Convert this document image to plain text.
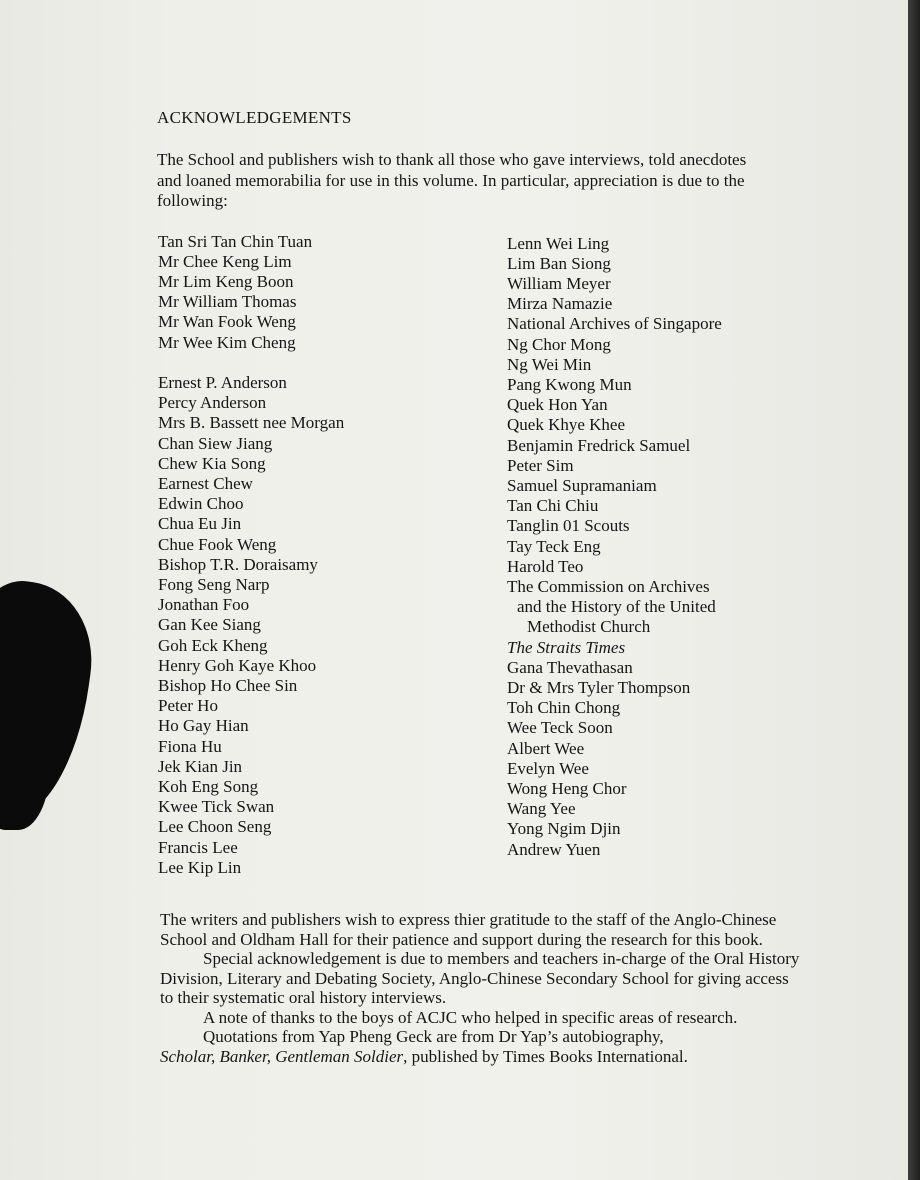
ACKNOWLEDGEMENTS

The School and publishers wish to thank all those who gave interviews, told anecdotes and loaned memorabilia for use in this volume. In particular, appreciation is due to the following:

Tan Sri Tan Chin Tuan
Mr Chee Keng Lim
Mr Lim Keng Boon
Mr William Thomas
Mr Wan Fook Weng
Mr Wee Kim Cheng
Ernest P. Anderson
Percy Anderson
Mrs B. Bassett nee Morgan
Chan Siew Jiang
Chew Kia Song
Earnest Chew
Edwin Choo
Chua Eu Jin
Chue Fook Weng
Bishop T.R. Doraisamy
Fong Seng Narp
Jonathan Foo
Gan Kee Siang
Goh Eck Kheng
Henry Goh Kaye Khoo
Bishop Ho Chee Sin
Peter Ho
Ho Gay Hian
Fiona Hu
Jek Kian Jin
Koh Eng Song
Kwee Tick Swan
Lee Choon Seng
Francis Lee
Lee Kip Lin
Lenn Wei Ling
Lim Ban Siong
William Meyer
Mirza Namazie
National Archives of Singapore
Ng Chor Mong
Ng Wei Min
Pang Kwong Mun
Quek Hon Yan
Quek Khye Khee
Benjamin Fredrick Samuel
Peter Sim
Samuel Supramaniam
Tan Chi Chiu
Tanglin 01 Scouts
Tay Teck Eng
Harold Teo
The Commission on Archives
and the History of the United
Methodist Church
The Straits Times
Gana Thevathasan
Dr & Mrs Tyler Thompson
Toh Chin Chong
Wee Teck Soon
Albert Wee
Evelyn Wee
Wong Heng Chor
Wang Yee
Yong Ngim Djin
Andrew Yuen

The writers and publishers wish to express thier gratitude to the staff of the Anglo-Chinese School and Oldham Hall for their patience and support during the research for this book.

Special acknowledgement is due to members and teachers in-charge of the Oral History Division, Literary and Debating Society, Anglo-Chinese Secondary School for giving access to their systematic oral history interviews.

A note of thanks to the boys of ACJC who helped in specific areas of research.

Quotations from Yap Pheng Geck are from Dr Yap’s autobiography,
Scholar, Banker, Gentleman Soldier, published by Times Books International.
